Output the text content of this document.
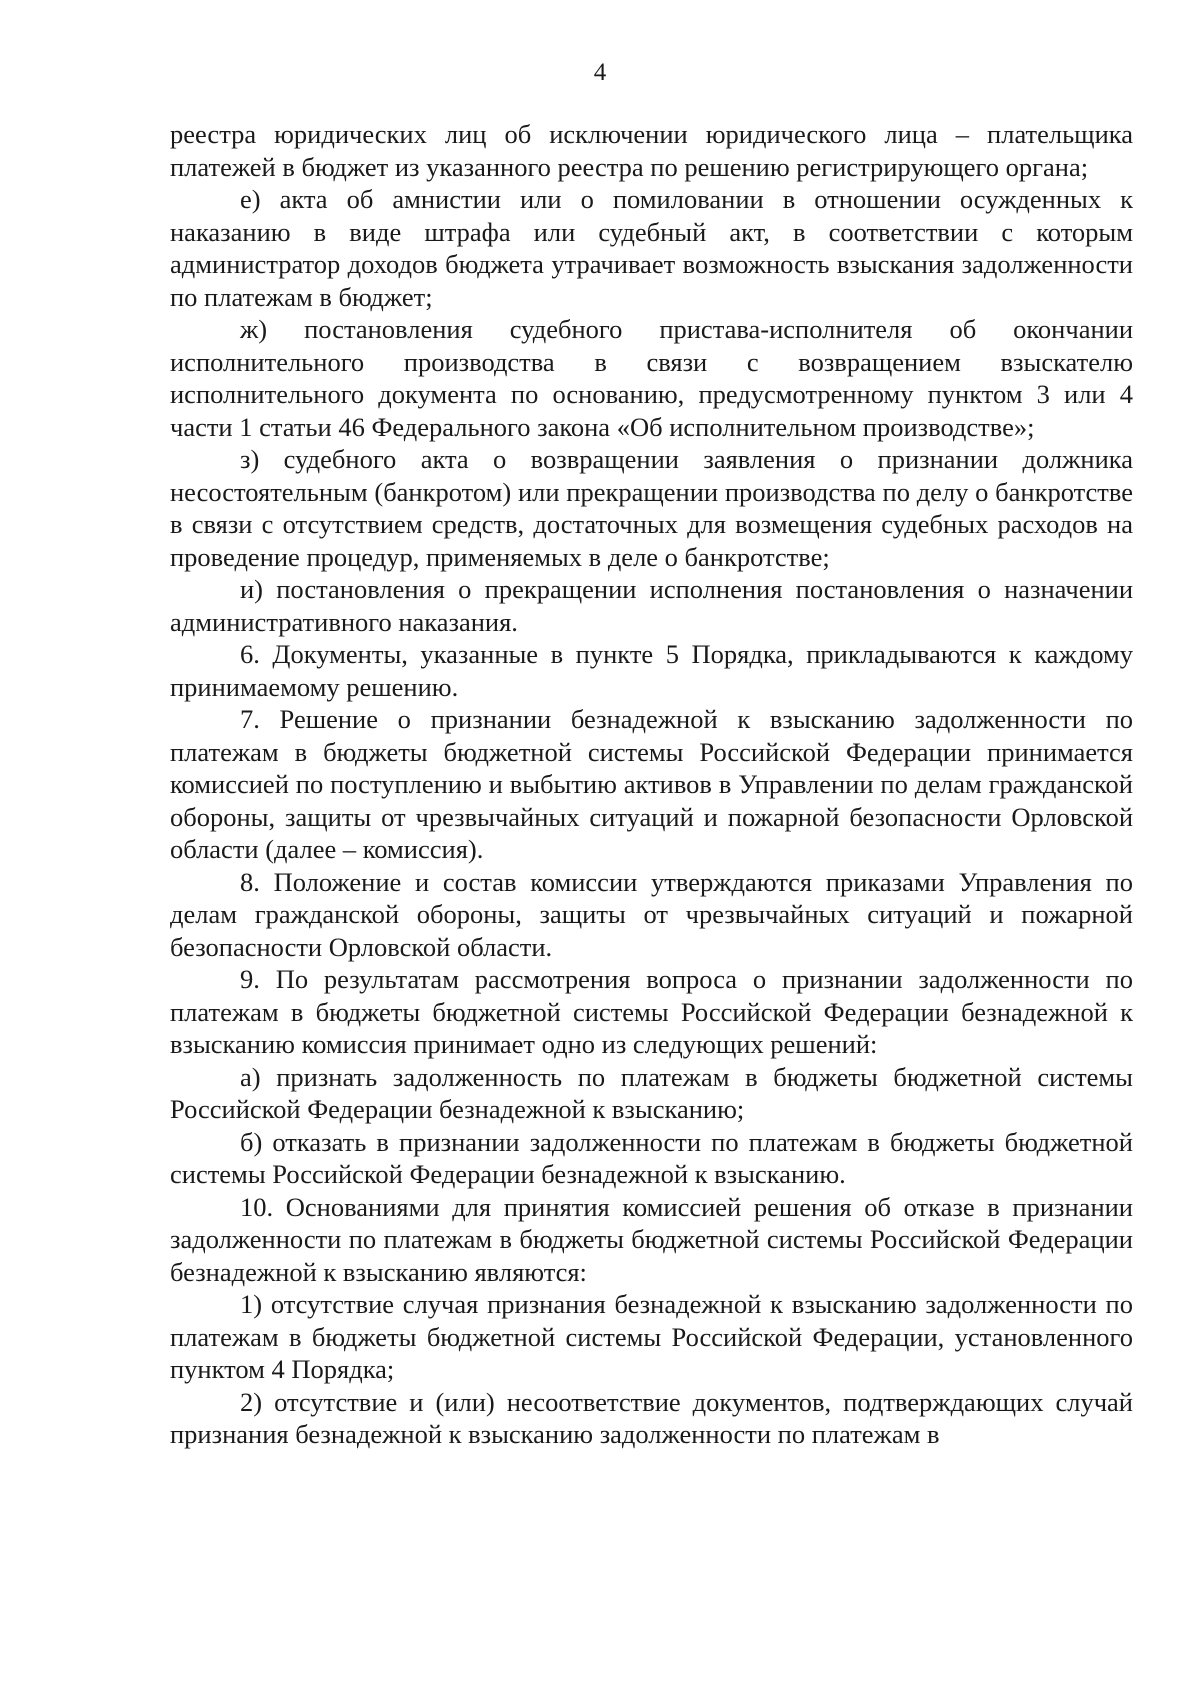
4

реестра юридических лиц об исключении юридического лица – плательщика платежей в бюджет из указанного реестра по решению регистрирующего органа;

е) акта об амнистии или о помиловании в отношении осужденных к наказанию в виде штрафа или судебный акт, в соответствии с которым администратор доходов бюджета утрачивает возможность взыскания задолженности по платежам в бюджет;

ж) постановления судебного пристава-исполнителя об окончании исполнительного производства в связи с возвращением взыскателю исполнительного документа по основанию, предусмотренному пунктом 3 или 4 части 1 статьи 46 Федерального закона «Об исполнительном производстве»;

з) судебного акта о возвращении заявления о признании должника несостоятельным (банкротом) или прекращении производства по делу о банкротстве в связи с отсутствием средств, достаточных для возмещения судебных расходов на проведение процедур, применяемых в деле о банкротстве;

и) постановления о прекращении исполнения постановления о назначении административного наказания.

6. Документы, указанные в пункте 5 Порядка, прикладываются к каждому принимаемому решению.

7. Решение о признании безнадежной к взысканию задолженности по платежам в бюджеты бюджетной системы Российской Федерации принимается комиссией по поступлению и выбытию активов в Управлении по делам гражданской обороны, защиты от чрезвычайных ситуаций и пожарной безопасности Орловской области (далее – комиссия).

8. Положение и состав комиссии утверждаются приказами Управления по делам гражданской обороны, защиты от чрезвычайных ситуаций и пожарной безопасности Орловской области.

9. По результатам рассмотрения вопроса о признании задолженности по платежам в бюджеты бюджетной системы Российской Федерации безнадежной к взысканию комиссия принимает одно из следующих решений:

а) признать задолженность по платежам в бюджеты бюджетной системы Российской Федерации безнадежной к взысканию;

б) отказать в признании задолженности по платежам в бюджеты бюджетной системы Российской Федерации безнадежной к взысканию.

10. Основаниями для принятия комиссией решения об отказе в признании задолженности по платежам в бюджеты бюджетной системы Российской Федерации безнадежной к взысканию являются:

1) отсутствие случая признания безнадежной к взысканию задолженности по платежам в бюджеты бюджетной системы Российской Федерации, установленного пунктом 4 Порядка;

2) отсутствие и (или) несоответствие документов, подтверждающих случай признания безнадежной к взысканию задолженности по платежам в
